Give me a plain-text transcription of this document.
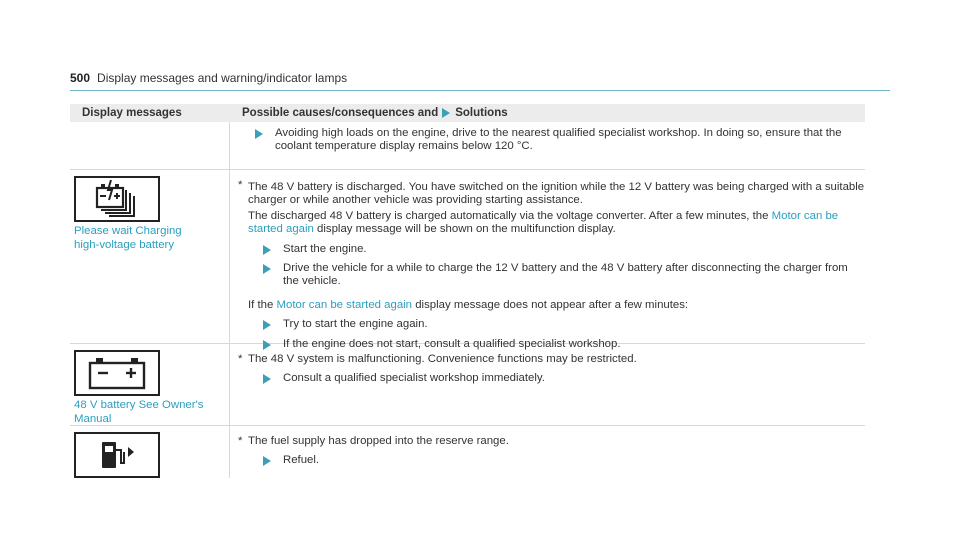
500 Display messages and warning/indicator lamps
Display messages	Possible causes/consequences and Solutions
Avoiding high loads on the engine, drive to the nearest qualified specialist workshop. In doing so, ensure that the coolant temperature display remains below 120 °C.
Please wait Charging high-voltage battery
* The 48 V battery is discharged. You have switched on the ignition while the 12 V battery was being charged with a suitable charger or while another vehicle was providing starting assistance.
The discharged 48 V battery is charged automatically via the voltage converter. After a few minutes, the Motor can be started again display message will be shown on the multifunction display.
Start the engine.
Drive the vehicle for a while to charge the 12 V battery and the 48 V battery after disconnecting the charger from the vehicle.
If the Motor can be started again display message does not appear after a few minutes:
Try to start the engine again.
If the engine does not start, consult a qualified specialist workshop.
48 V battery See Owner's Manual
* The 48 V system is malfunctioning. Convenience functions may be restricted.
Consult a qualified specialist workshop immediately.
* The fuel supply has dropped into the reserve range.
Refuel.
